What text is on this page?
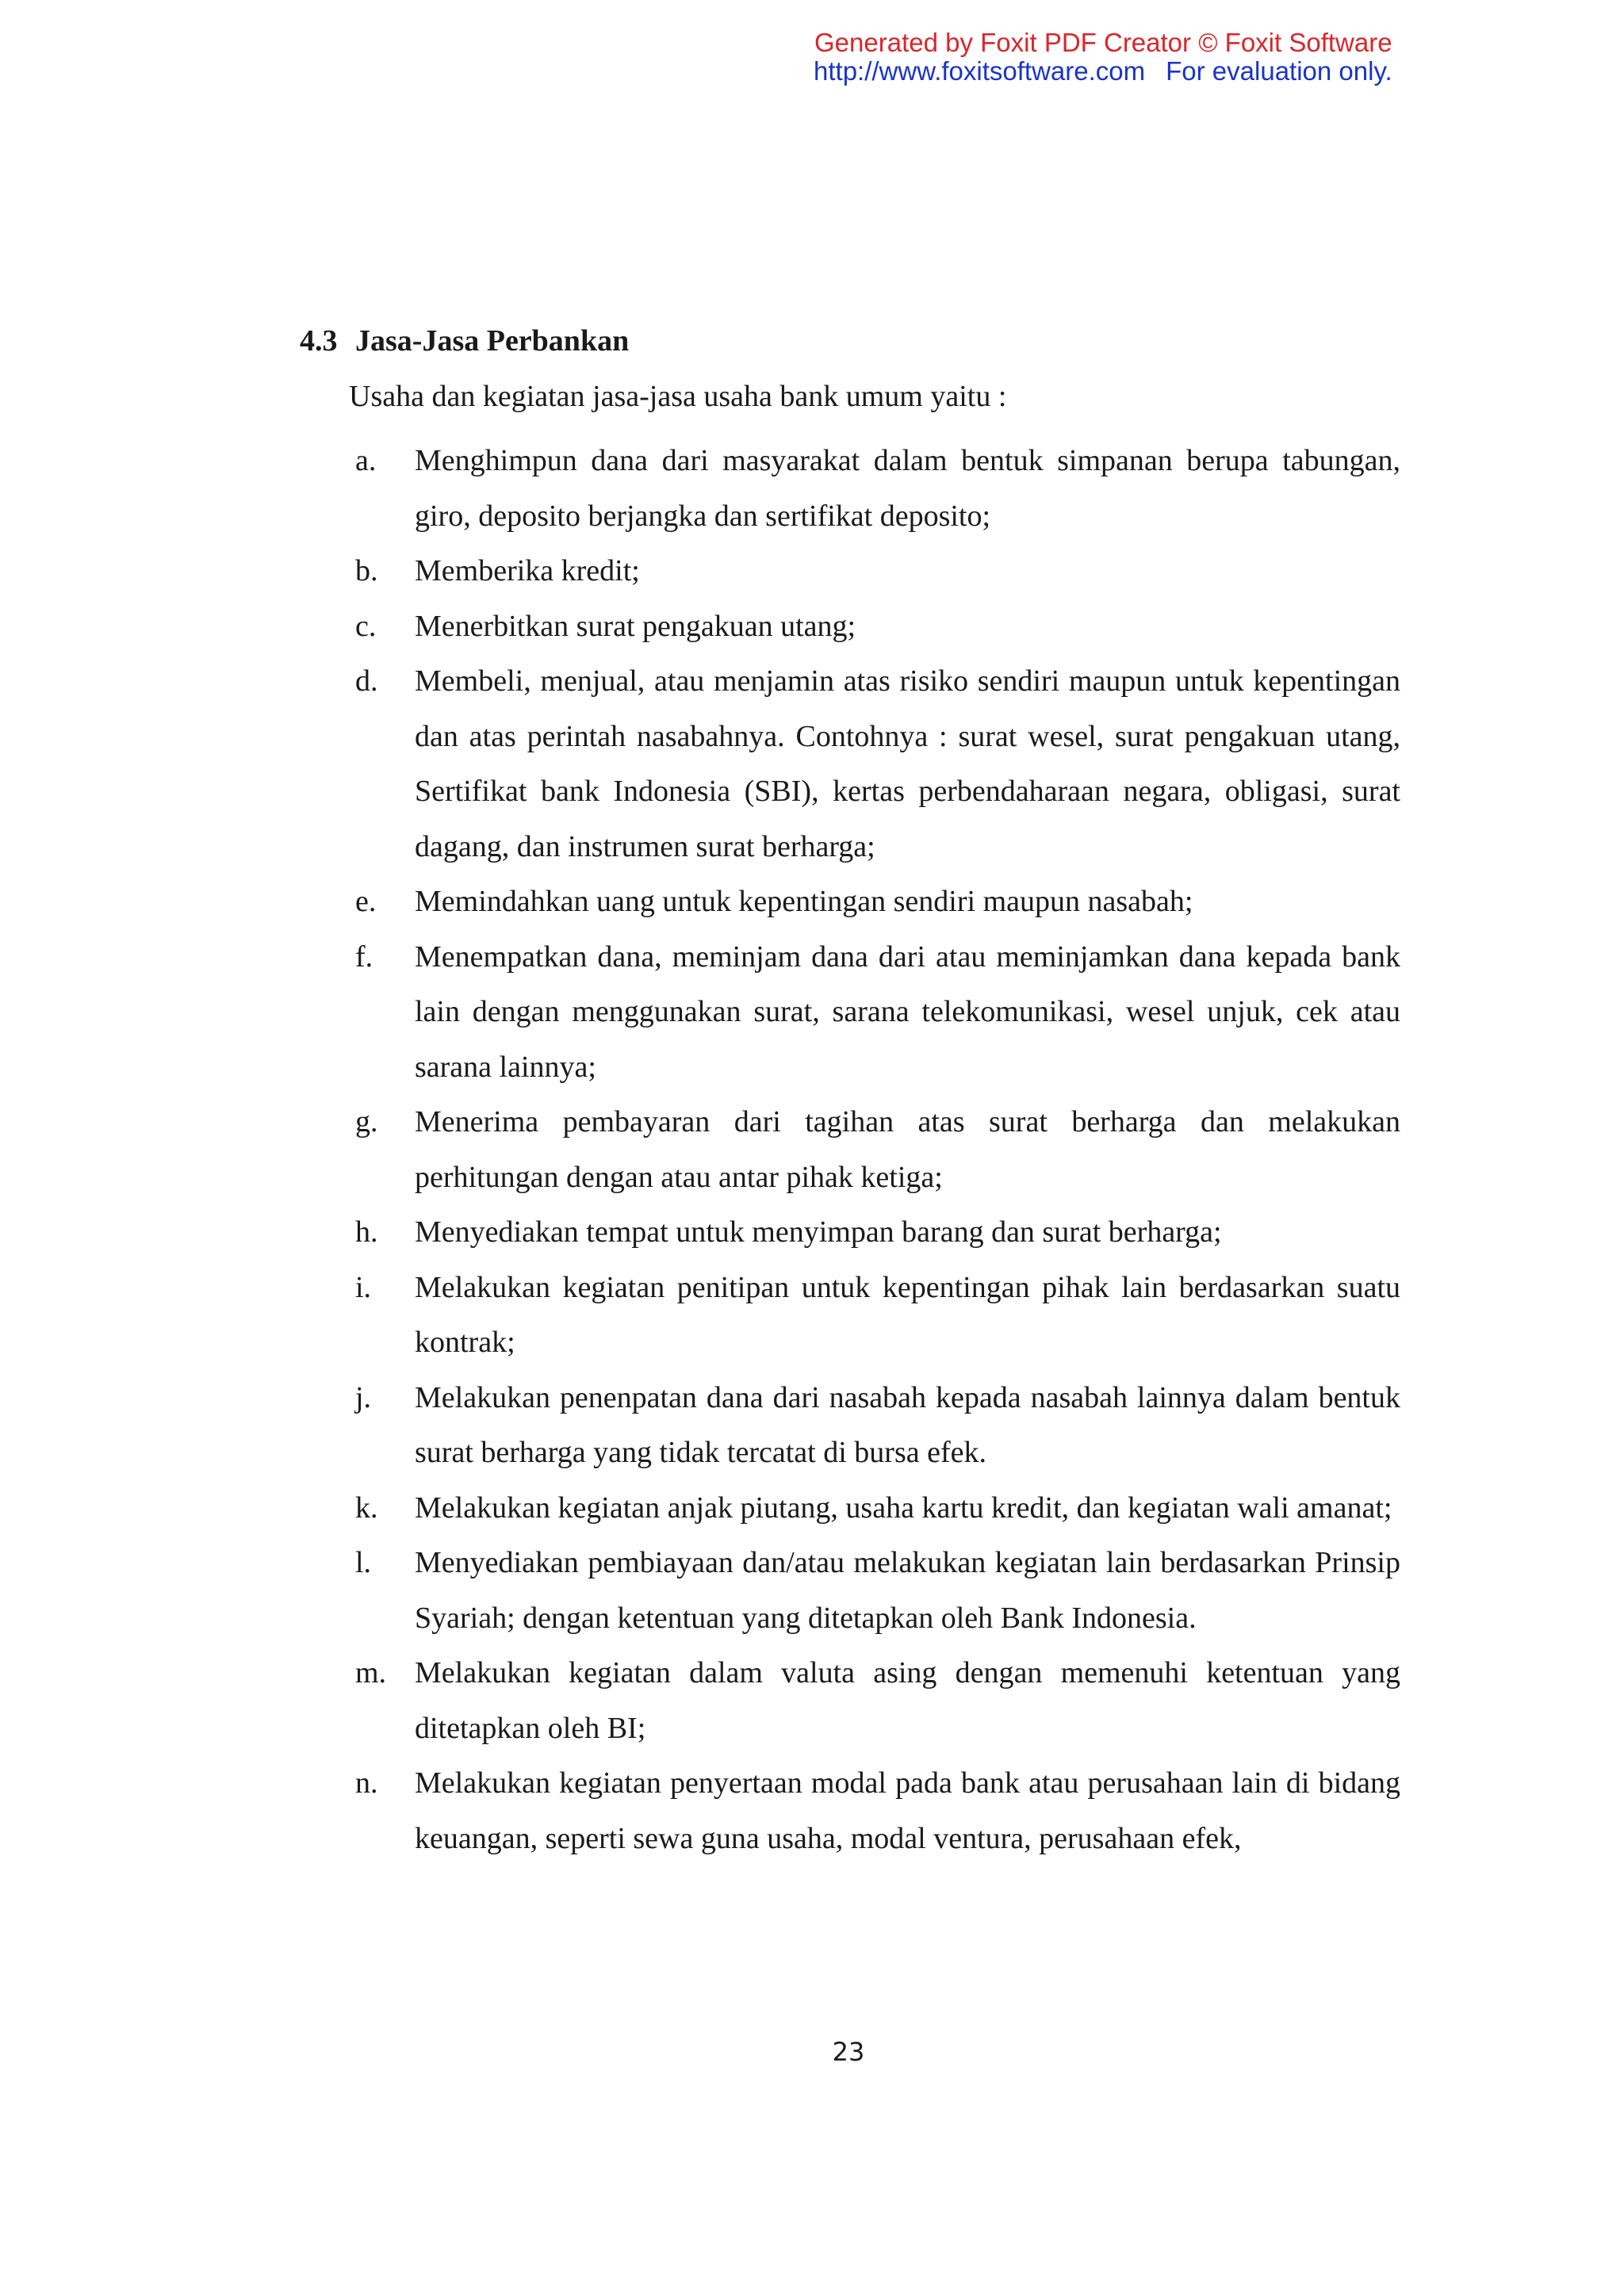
Generated by Foxit PDF Creator © Foxit Software
http://www.foxitsoftware.com For evaluation only.
4.3 Jasa-Jasa Perbankan
Usaha dan kegiatan jasa-jasa usaha bank umum yaitu :
a.	Menghimpun dana dari masyarakat dalam bentuk simpanan berupa tabungan, giro, deposito berjangka dan sertifikat deposito;
b.	Memberika kredit;
c.	Menerbitkan surat pengakuan utang;
d.	Membeli, menjual, atau menjamin atas risiko sendiri maupun untuk kepentingan dan atas perintah nasabahnya. Contohnya : surat wesel, surat pengakuan utang, Sertifikat bank Indonesia (SBI), kertas perbendaharaan negara, obligasi, surat dagang, dan instrumen surat berharga;
e.	Memindahkan uang untuk kepentingan sendiri maupun nasabah;
f.	Menempatkan dana, meminjam dana dari atau meminjamkan dana kepada bank lain dengan menggunakan surat, sarana telekomunikasi, wesel unjuk, cek atau sarana lainnya;
g.	Menerima pembayaran dari tagihan atas surat berharga dan melakukan perhitungan dengan atau antar pihak ketiga;
h.	Menyediakan tempat untuk menyimpan barang dan surat berharga;
i.	Melakukan kegiatan penitipan untuk kepentingan pihak lain berdasarkan suatu kontrak;
j.	Melakukan penenpatan dana dari nasabah kepada nasabah lainnya dalam bentuk surat berharga yang tidak tercatat di bursa efek.
k.	Melakukan kegiatan anjak piutang, usaha kartu kredit, dan kegiatan wali amanat;
l.	Menyediakan pembiayaan dan/atau melakukan kegiatan lain berdasarkan Prinsip Syariah; dengan ketentuan yang ditetapkan oleh Bank Indonesia.
m. Melakukan kegiatan dalam valuta asing dengan memenuhi ketentuan yang ditetapkan oleh BI;
n.	Melakukan kegiatan penyertaan modal pada bank atau perusahaan lain di bidang keuangan, seperti sewa guna usaha, modal ventura, perusahaan efek,
23
